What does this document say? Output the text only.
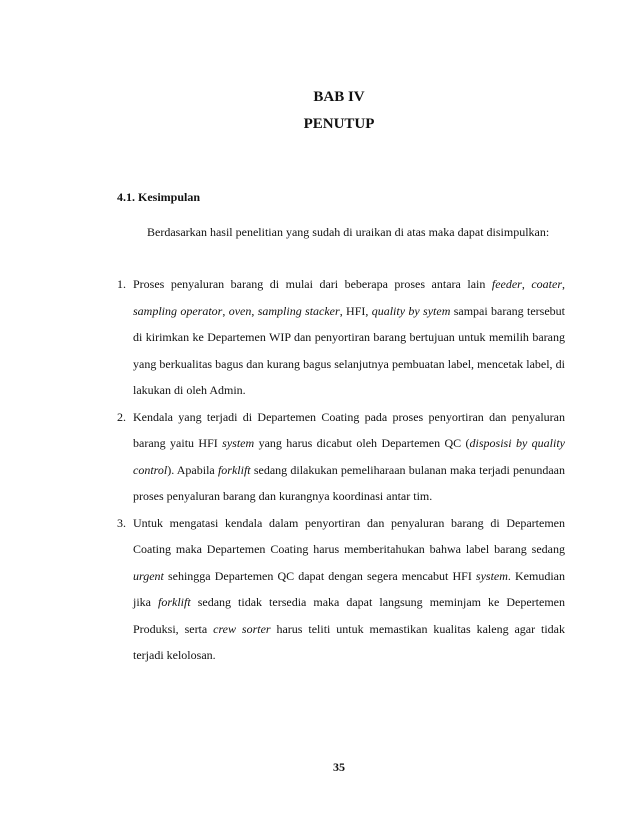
BAB IV
PENUTUP
4.1. Kesimpulan

Berdasarkan hasil penelitian yang sudah di uraikan di atas maka dapat disimpulkan:

1. Proses penyaluran barang di mulai dari beberapa proses antara lain feeder, coater, sampling operator, oven, sampling stacker, HFI, quality by sytem sampai barang tersebut di kirimkan ke Departemen WIP dan penyortiran barang bertujuan untuk memilih barang yang berkualitas bagus dan kurang bagus selanjutnya pembuatan label, mencetak label, di lakukan di oleh Admin.

2. Kendala yang terjadi di Departemen Coating pada proses penyortiran dan penyaluran barang yaitu HFI system yang harus dicabut oleh Departemen QC (disposisi by quality control). Apabila forklift sedang dilakukan pemeliharaan bulanan maka terjadi penundaan proses penyaluran barang dan kurangnya koordinasi antar tim.

3. Untuk mengatasi kendala dalam penyortiran dan penyaluran barang di Departemen Coating maka Departemen Coating harus memberitahukan bahwa label barang sedang urgent sehingga Departemen QC dapat dengan segera mencabut HFI system. Kemudian jika forklift sedang tidak tersedia maka dapat langsung meminjam ke Depertemen Produksi, serta crew sorter harus teliti untuk memastikan kualitas kaleng agar tidak terjadi kelolosan.

35
